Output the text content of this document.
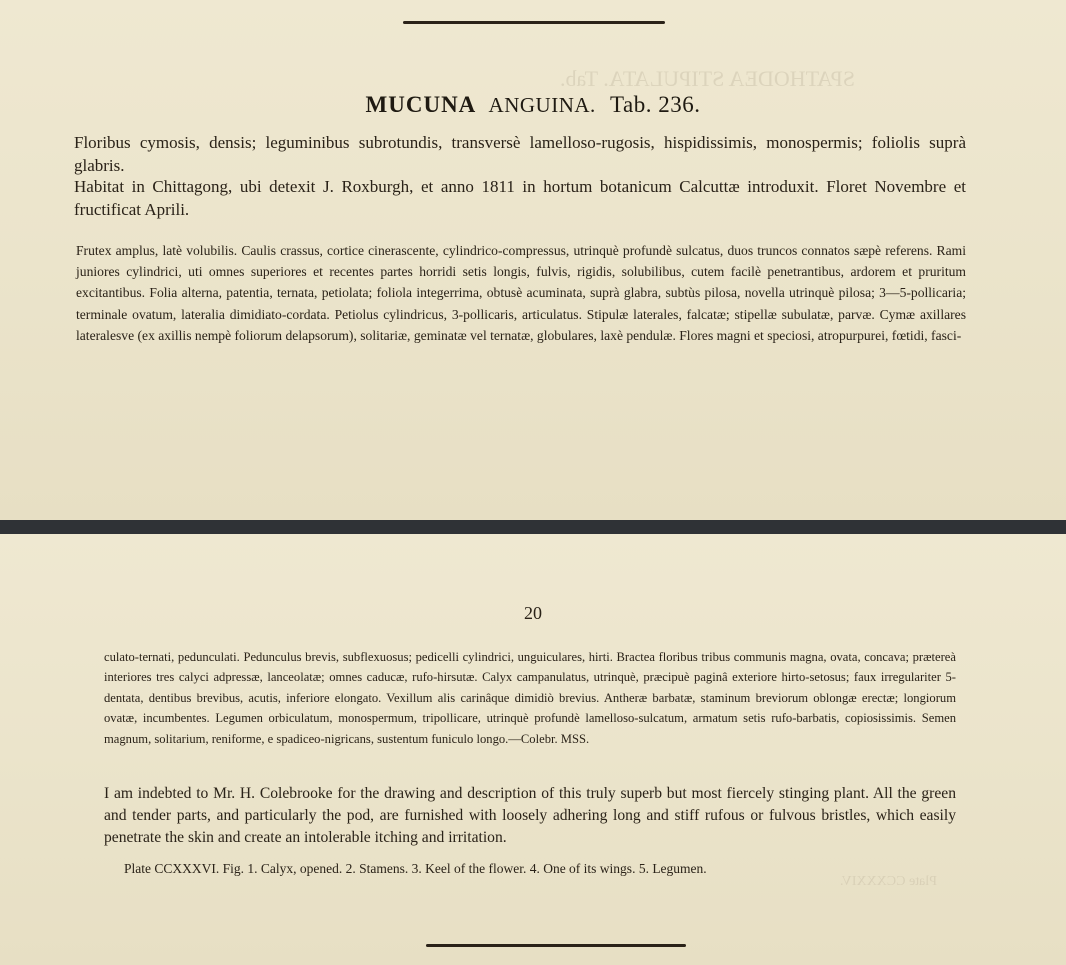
SPATHODEA STIPULATA. Tab.
MUCUNA ANGUINA. Tab. 236.

Floribus cymosis, densis; leguminibus subrotundis, transversè lamelloso-rugosis, hispidissimis, monospermis; foliolis suprà glabris.

Habitat in Chittagong, ubi detexit J. Roxburgh, et anno 1811 in hortum botanicum Calcuttæ introduxit. Floret Novembre et fructificat Aprili.

Frutex amplus, latè volubilis. Caulis crassus, cortice cinerascente, cylindrico-compressus, utrinquè profundè sulcatus, duos truncos connatos sæpè referens. Rami juniores cylindrici, uti omnes superiores et recentes partes horridi setis longis, fulvis, rigidis, solubilibus, cutem facilè penetrantibus, ardorem et pruritum excitantibus. Folia alterna, patentia, ternata, petiolata; foliola integerrima, obtusè acuminata, suprà glabra, subtùs pilosa, novella utrinquè pilosa; 3—5-pollicaria; terminale ovatum, lateralia dimidiato-cordata. Petiolus cylindricus, 3-pollicaris, articulatus. Stipulæ laterales, falcatæ; stipellæ subulatæ, parvæ. Cymæ axillares lateralesve (ex axillis nempè foliorum delapsorum), solitariæ, geminatæ vel ternatæ, globulares, laxè pendulæ. Flores magni et speciosi, atropurpurei, fœtidi, fasci-

Plate CCXXXIV.
20

culato-ternati, pedunculati. Pedunculus brevis, subflexuosus; pedicelli cylindrici, unguiculares, hirti. Bractea floribus tribus communis magna, ovata, concava; prætereà interiores tres calyci adpressæ, lanceolatæ; omnes caducæ, rufo-hirsutæ. Calyx campanulatus, utrinquè, præcipuè paginâ exteriore hirto-setosus; faux irregulariter 5-dentata, dentibus brevibus, acutis, inferiore elongato. Vexillum alis carinâque dimidiò brevius. Antheræ barbatæ, staminum breviorum oblongæ erectæ; longiorum ovatæ, incumbentes. Legumen orbiculatum, monospermum, tripollicare, utrinquè profundè lamelloso-sulcatum, armatum setis rufo-barbatis, copiosissimis. Semen magnum, solitarium, reniforme, e spadiceo-nigricans, sustentum funiculo longo.—Colebr. MSS.

I am indebted to Mr. H. Colebrooke for the drawing and description of this truly superb but most fiercely stinging plant. All the green and tender parts, and particularly the pod, are furnished with loosely adhering long and stiff rufous or fulvous bristles, which easily penetrate the skin and create an intolerable itching and irritation.

Plate CCXXXVI. Fig. 1. Calyx, opened. 2. Stamens. 3. Keel of the flower. 4. One of its wings. 5. Legumen.
